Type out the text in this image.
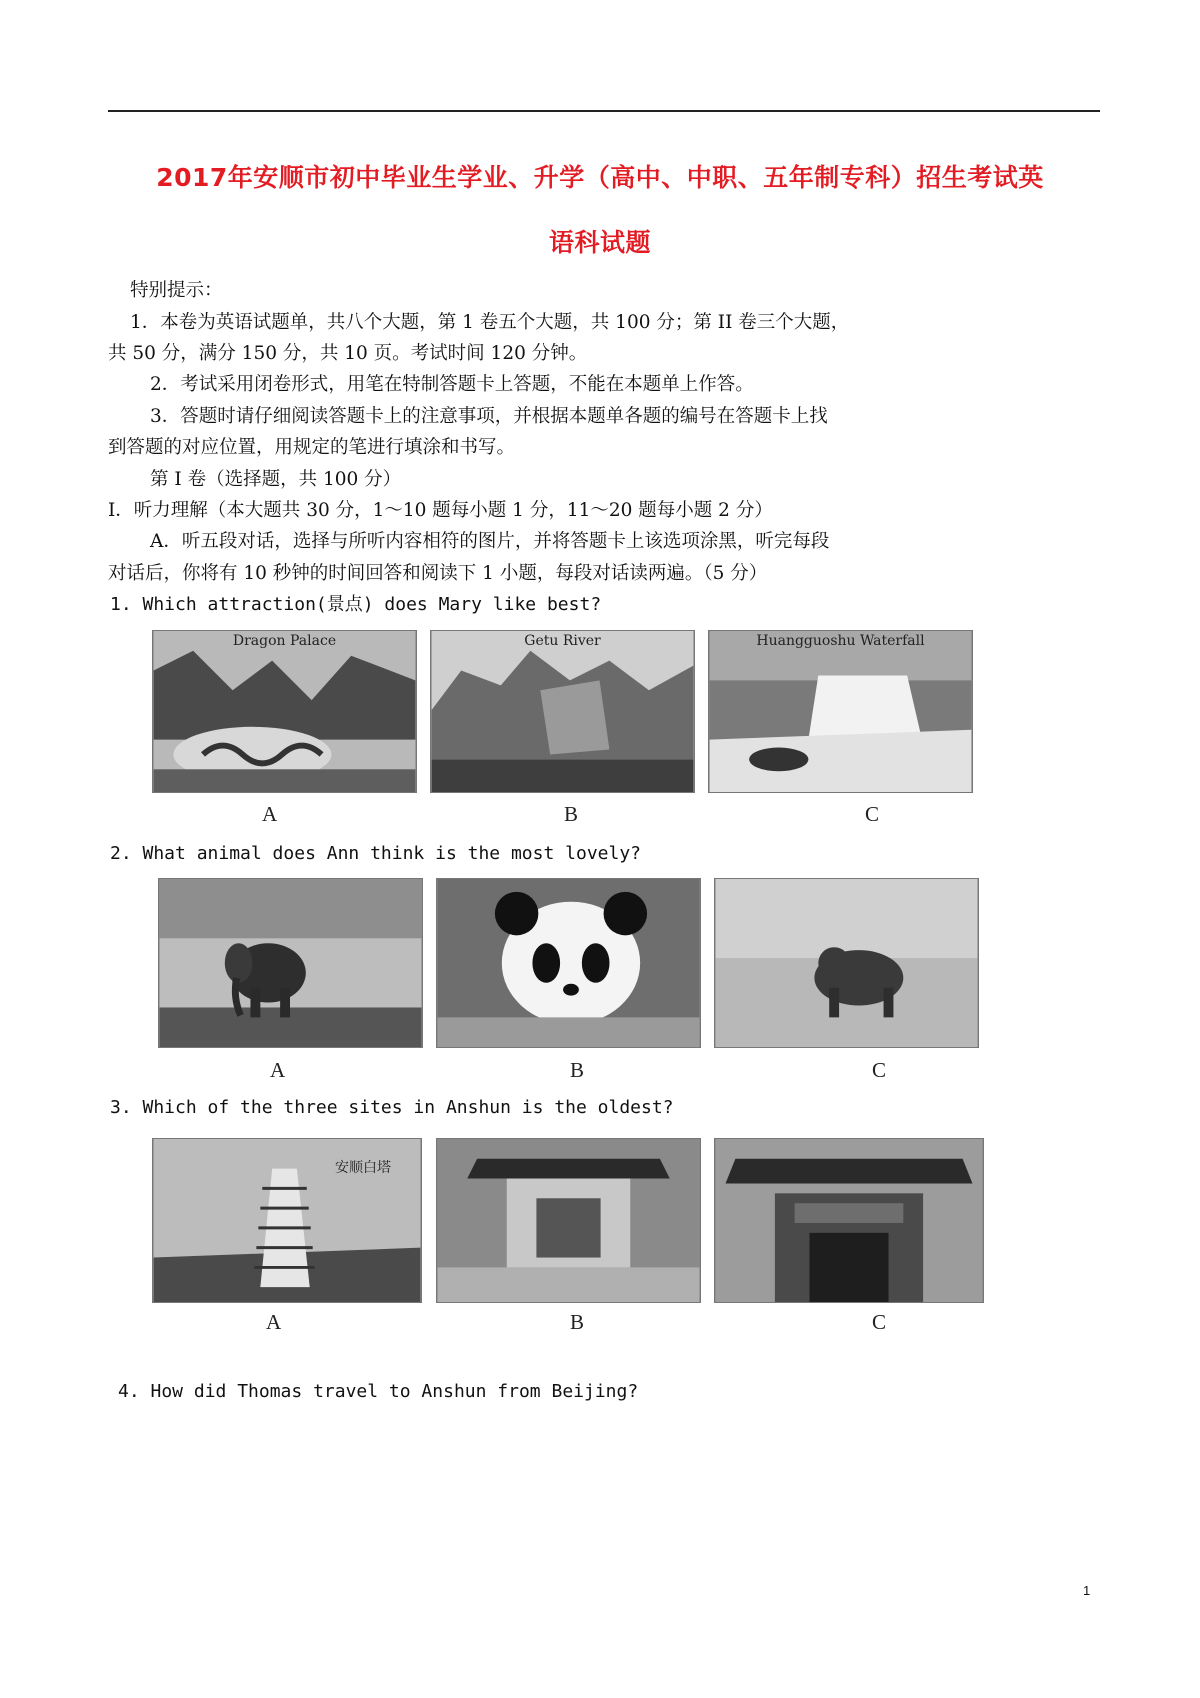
2017年安顺市初中毕业生学业、升学（高中、中职、五年制专科）招生考试英

语科试题

特别提示：

1．本卷为英语试题单，共八个大题，第 1 卷五个大题，共 100 分；第 II 卷三个大题，

共 50 分，满分 150 分，共 10 页。考试时间 120 分钟。

2．考试采用闭卷形式，用笔在特制答题卡上答题，不能在本题单上作答。

3．答题时请仔细阅读答题卡上的注意事项，并根据本题单各题的编号在答题卡上找

到答题的对应位置，用规定的笔进行填涂和书写。

第 I 卷（选择题，共 100 分）

I．听力理解（本大题共 30 分，1～10 题每小题 1 分，11～20 题每小题 2 分）

A．听五段对话，选择与所听内容相符的图片，并将答题卡上该选项涂黑，听完每段

对话后，你将有 10 秒钟的时间回答和阅读下 1 小题，每段对话读两遍。（5 分）

1. Which attraction(景点) does Mary like best?

Dragon Palace	Getu River	Huangguoshu Waterfall
A	B	C

2. What animal does Ann think is the most lovely?

A	B	C

3. Which of the three sites in Anshun is the oldest?

安顺白塔
A	B	C

4. How did Thomas travel to Anshun from Beijing?

1
